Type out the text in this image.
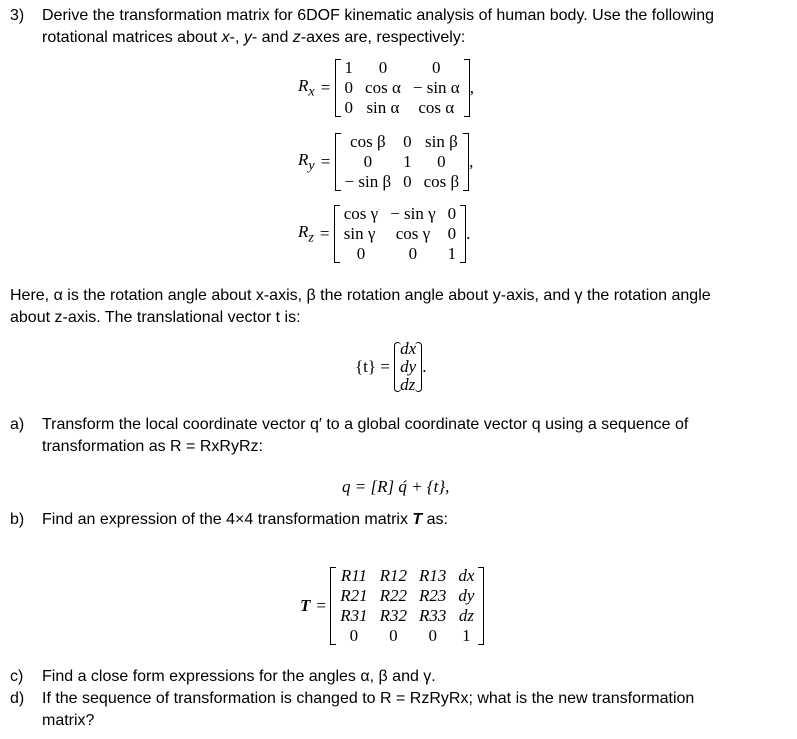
3) Derive the transformation matrix for 6DOF kinematic analysis of human body. Use the following
rotational matrices about x-, y- and z-axes are, respectively:
$R_x$ =
1	0	0
0	cos α	− sin α
0	sin α	cos α
,
$R_y$ =
cos β	0	sin β
0	1	0
− sin β	0	cos β
,
$R_z$ =
cos γ	− sin γ	0
sin γ	cos γ	0
0	0	1
.
Here, α is the rotation angle about x-axis, β the rotation angle about y-axis, and γ the rotation angle
about z-axis. The translational vector t is:
{t} =

dx
dy
dz
.
a) Transform the local coordinate vector q′ to a global coordinate vector q using a sequence of
transformation as R = RxRyRz:
q = [R] q́ + {t},
b) Find an expression of the 4×4 transformation matrix T as:
T =
R11	R12	R13	dx
R21	R22	R23	dy
R31	R32	R33	dz
0	0	0	1
c) Find a close form expressions for the angles α, β and γ.
d) If the sequence of transformation is changed to R = RzRyRx; what is the new transformation
matrix?
